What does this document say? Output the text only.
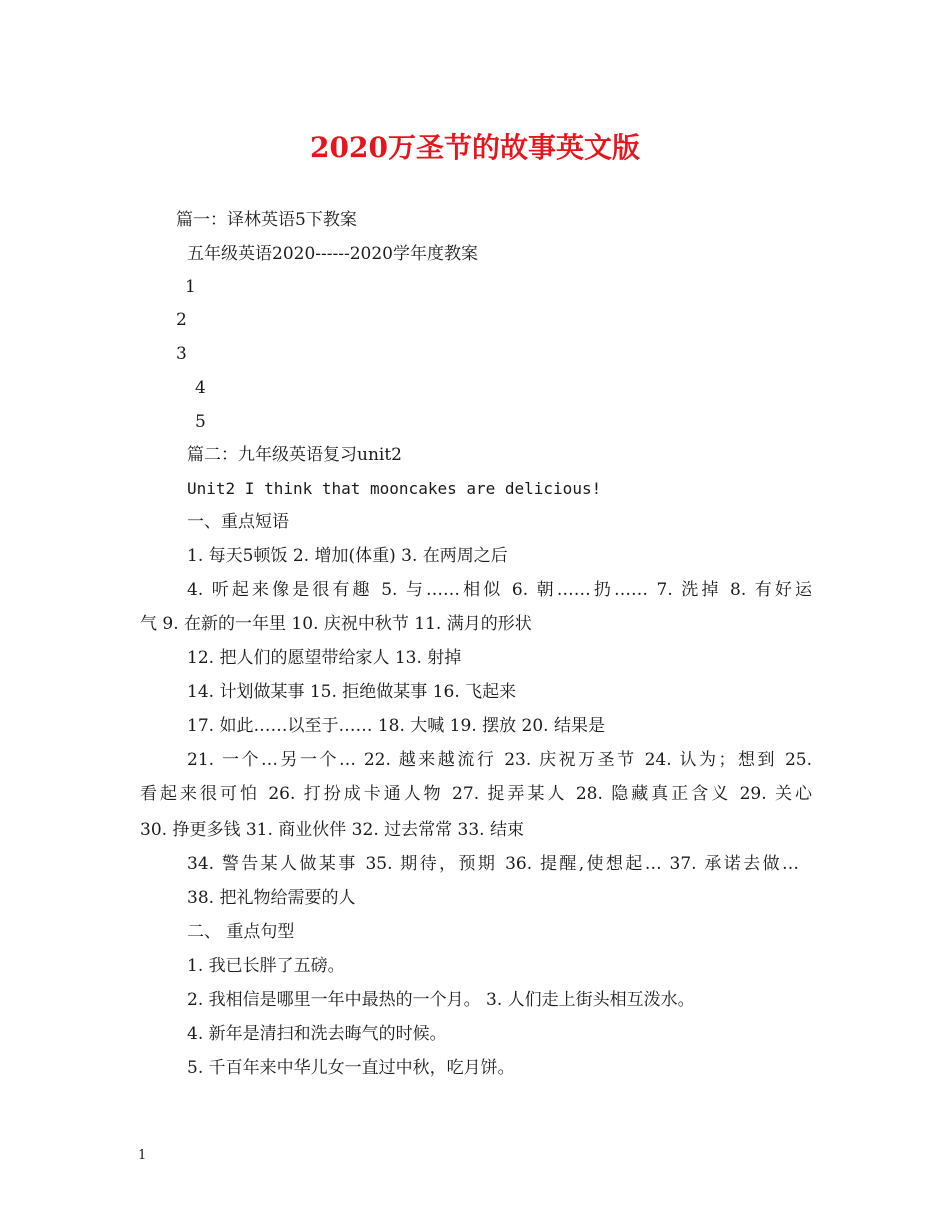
2020万圣节的故事英文版
篇一：译林英语5下教案
五年级英语2020------2020学年度教案
1
2
3
4
5
篇二：九年级英语复习unit2
Unit2 I think that mooncakes are delicious!
一、重点短语
1. 每天5顿饭 2. 增加(体重) 3. 在两周之后
4. 听起来像是很有趣 5. 与……相似 6. 朝……扔…… 7. 洗掉 8. 有好运
气 9. 在新的一年里 10. 庆祝中秋节 11. 满月的形状
12. 把人们的愿望带给家人 13. 射掉
14. 计划做某事 15. 拒绝做某事 16. 飞起来
17. 如此……以至于…… 18. 大喊 19. 摆放 20. 结果是
21. 一个…另一个… 22. 越来越流行 23. 庆祝万圣节 24. 认为；想到 25.
看起来很可怕 26. 打扮成卡通人物 27. 捉弄某人 28. 隐藏真正含义 29. 关心
30. 挣更多钱 31. 商业伙伴 32. 过去常常 33. 结束
34. 警告某人做某事 35. 期待，预期 36. 提醒,使想起… 37. 承诺去做…
38. 把礼物给需要的人
二、 重点句型
1. 我已长胖了五磅。
2. 我相信是哪里一年中最热的一个月。 3. 人们走上街头相互泼水。
4. 新年是清扫和洗去晦气的时候。
5. 千百年来中华儿女一直过中秋，吃月饼。
1
